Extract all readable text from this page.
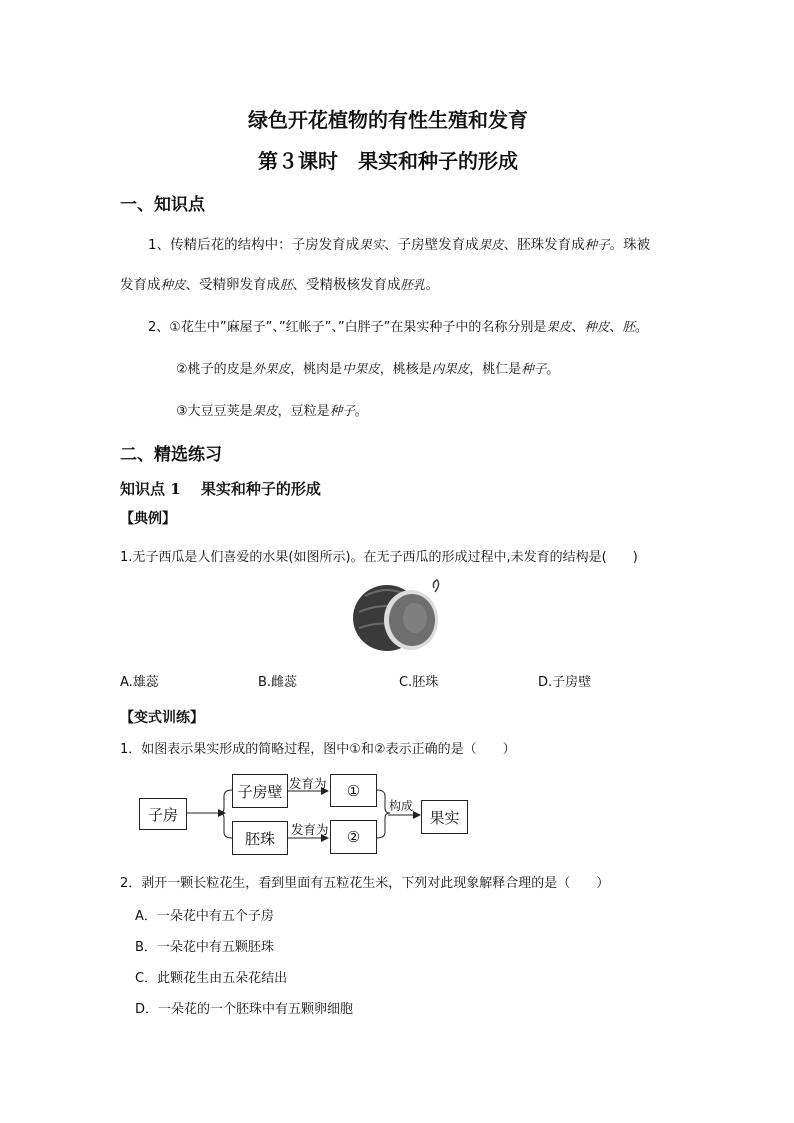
绿色开花植物的有性生殖和发育
第３课时　果实和种子的形成
一、知识点
1、传精后花的结构中：子房发育成果实、子房壁发育成果皮、胚珠发育成种子。珠被
发育成种皮、受精卵发育成胚、受精极核发育成胚乳。
2、①花生中”麻屋子”、”红帐子”、”白胖子”在果实种子中的名称分别是果皮、种皮、胚。
②桃子的皮是外果皮，桃肉是中果皮，桃核是内果皮，桃仁是种子。
③大豆豆荚是果皮，豆粒是种子。
二、精选练习
知识点 1　 果实和种子的形成
【典例】
1.无子西瓜是人们喜爱的水果(如图所示)。在无子西瓜的形成过程中,未发育的结构是(　　)
A.雄蕊	B.雌蕊	C.胚珠	D.子房壁
【变式训练】
1．如图表示果实形成的简略过程，图中①和②表示正确的是（　　）
子房
子房壁
胚珠
①
②
果实
发育为
发育为
构成
2．剥开一颗长粒花生，看到里面有五粒花生米，下列对此现象解释合理的是（　　）
A．一朵花中有五个子房
B．一朵花中有五颗胚珠
C．此颗花生由五朵花结出
D．一朵花的一个胚珠中有五颗卵细胞
